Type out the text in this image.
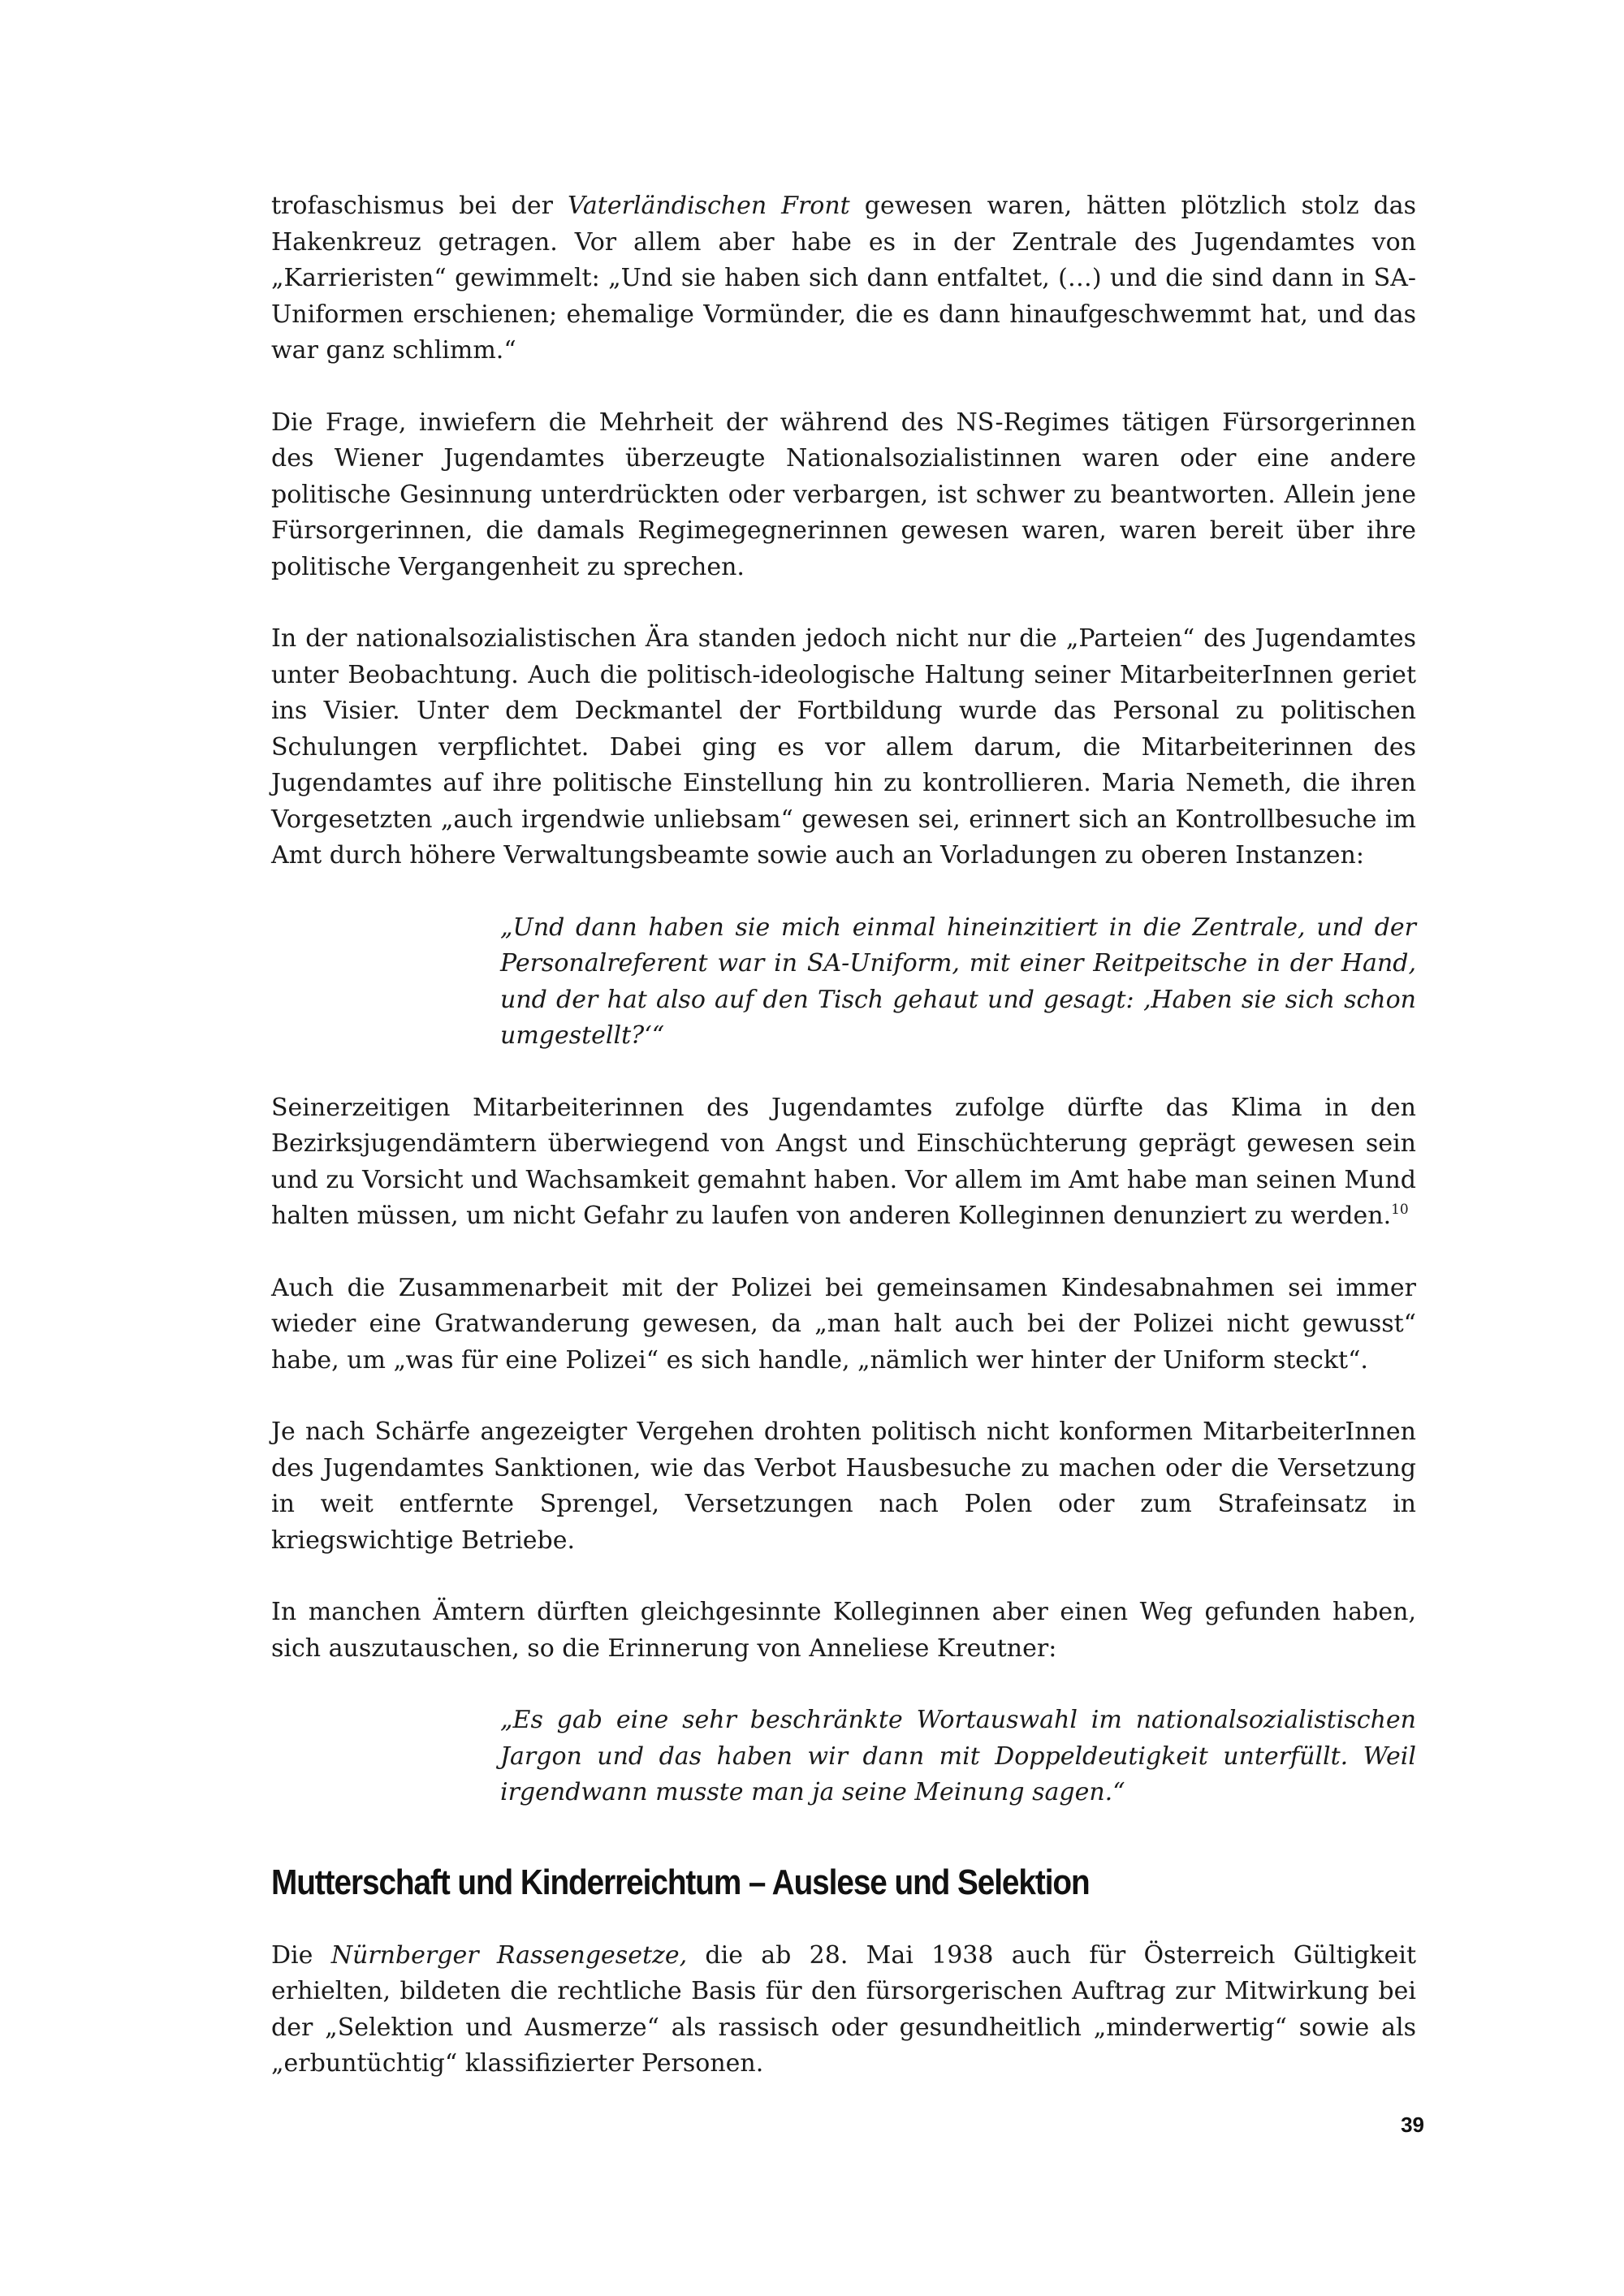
trofaschismus bei der Vaterländischen Front gewesen waren, hätten plötzlich stolz das Hakenkreuz getragen. Vor allem aber habe es in der Zentrale des Jugendamtes von „Karrieristen“ gewimmelt: „Und sie haben sich dann entfaltet, (…) und die sind dann in SA-Uniformen erschienen; ehemalige Vormünder, die es dann hinaufgeschwemmt hat, und das war ganz schlimm.“

Die Frage, inwiefern die Mehrheit der während des NS-Regimes tätigen Fürsorgerinnen des Wiener Jugendamtes überzeugte Nationalsozialistinnen waren oder eine andere politische Gesinnung unterdrückten oder verbargen, ist schwer zu beantworten. Allein jene Fürsorgerinnen, die damals Regimegegnerinnen gewesen waren, waren bereit über ihre politische Vergangenheit zu sprechen.

In der nationalsozialistischen Ära standen jedoch nicht nur die „Parteien“ des Jugendamtes unter Beobachtung. Auch die politisch-ideologische Haltung seiner MitarbeiterInnen geriet ins Visier. Unter dem Deckmantel der Fortbildung wurde das Personal zu politischen Schulungen verpflichtet. Dabei ging es vor allem darum, die Mitarbeiterinnen des Jugendamtes auf ihre politische Einstellung hin zu kontrollieren. Maria Nemeth, die ihren Vorgesetzten „auch irgendwie unliebsam“ gewesen sei, erinnert sich an Kontrollbesuche im Amt durch höhere Verwaltungsbeamte sowie auch an Vorladungen zu oberen Instanzen:

„Und dann haben sie mich einmal hineinzitiert in die Zentrale, und der Personalreferent war in SA-Uniform, mit einer Reitpeitsche in der Hand, und der hat also auf den Tisch gehaut und gesagt: ‚Haben sie sich schon umgestellt?‘“

Seinerzeitigen Mitarbeiterinnen des Jugendamtes zufolge dürfte das Klima in den Bezirksjugendämtern überwiegend von Angst und Einschüchterung geprägt gewesen sein und zu Vorsicht und Wachsamkeit gemahnt haben. Vor allem im Amt habe man seinen Mund halten müssen, um nicht Gefahr zu laufen von anderen Kolleginnen denunziert zu werden.$^{10}$

Auch die Zusammenarbeit mit der Polizei bei gemeinsamen Kindesabnahmen sei immer wieder eine Gratwanderung gewesen, da „man halt auch bei der Polizei nicht gewusst“ habe, um „was für eine Polizei“ es sich handle, „nämlich wer hinter der Uniform steckt“.

Je nach Schärfe angezeigter Vergehen drohten politisch nicht konformen MitarbeiterInnen des Jugendamtes Sanktionen, wie das Verbot Hausbesuche zu machen oder die Versetzung in weit entfernte Sprengel, Versetzungen nach Polen oder zum Strafeinsatz in kriegswichtige Betriebe.

In manchen Ämtern dürften gleichgesinnte Kolleginnen aber einen Weg gefunden haben, sich auszutauschen, so die Erinnerung von Anneliese Kreutner:

„Es gab eine sehr beschränkte Wortauswahl im nationalsozialistischen Jargon und das haben wir dann mit Doppeldeutigkeit unterfüllt. Weil irgendwann musste man ja seine Meinung sagen.“

Mutterschaft und Kinderreichtum – Auslese und Selektion

Die Nürnberger Rassengesetze, die ab 28. Mai 1938 auch für Österreich Gültigkeit erhielten, bildeten die rechtliche Basis für den fürsorgerischen Auftrag zur Mitwirkung bei der „Selektion und Ausmerze“ als rassisch oder gesundheitlich „minderwertig“ sowie als „erbuntüchtig“ klassifizierter Personen.

39
